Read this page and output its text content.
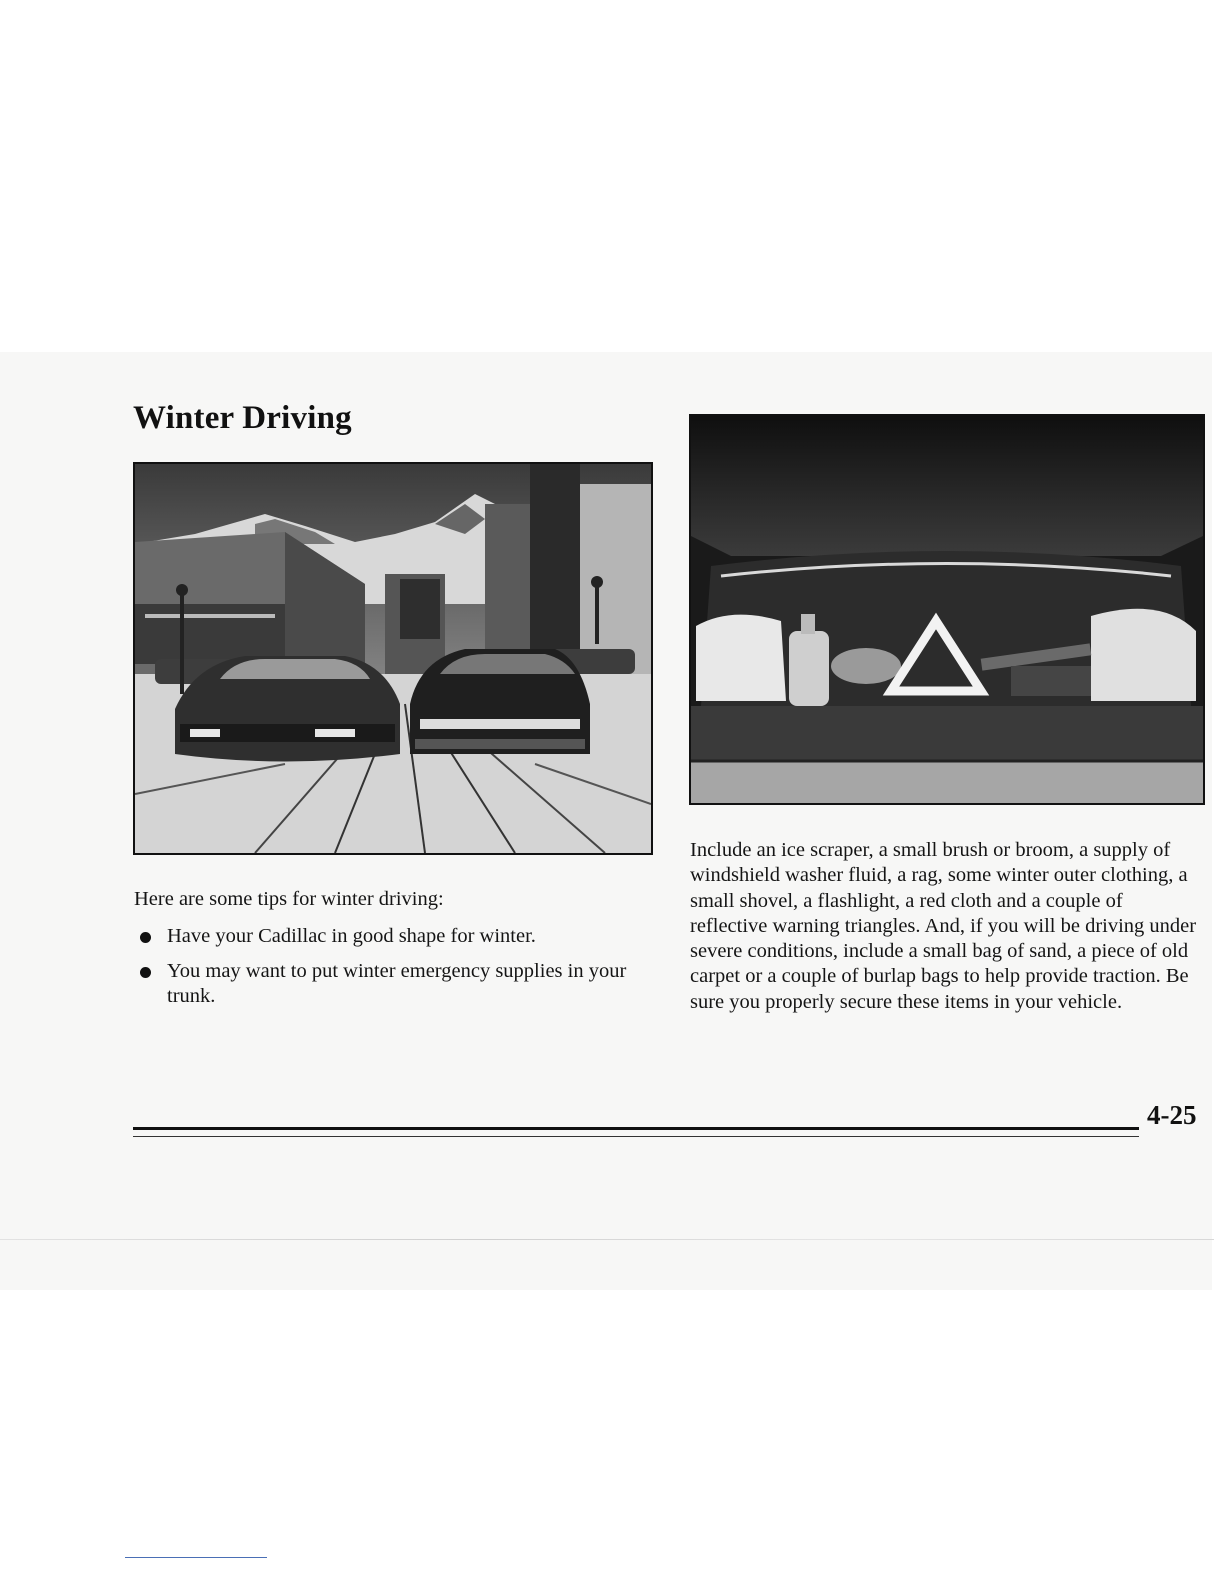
Winter Driving

Here are some tips for winter driving:

Have your Cadillac in good shape for winter.
You may want to put winter emergency supplies in your trunk.

Include an ice scraper, a small brush or broom, a supply of windshield washer fluid, a rag, some winter outer clothing, a small shovel, a flashlight, a red cloth and a couple of reflective warning triangles. And, if you will be driving under severe conditions, include a small bag of sand, a piece of old carpet or a couple of burlap bags to help provide traction. Be sure you properly secure these items in your vehicle.

4-25
